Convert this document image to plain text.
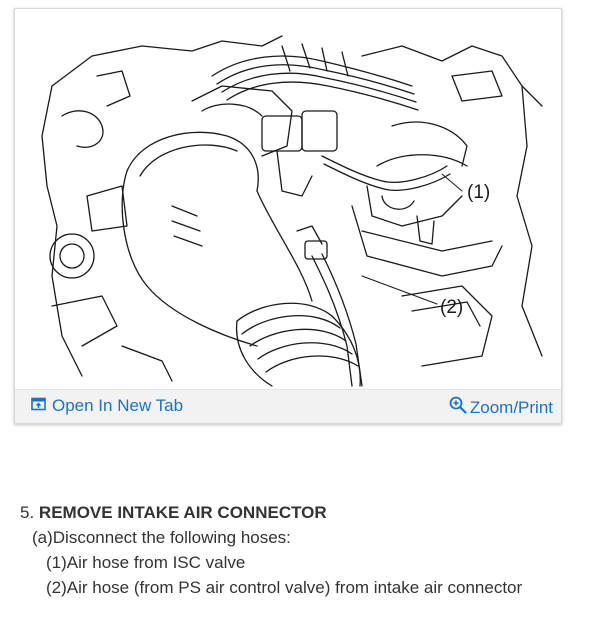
(1)
(2)
Open In New Tab	Zoom/Print

5. REMOVE INTAKE AIR CONNECTOR

(a)Disconnect the following hoses:

(1)Air hose from ISC valve

(2)Air hose (from PS air control valve) from intake air connector
